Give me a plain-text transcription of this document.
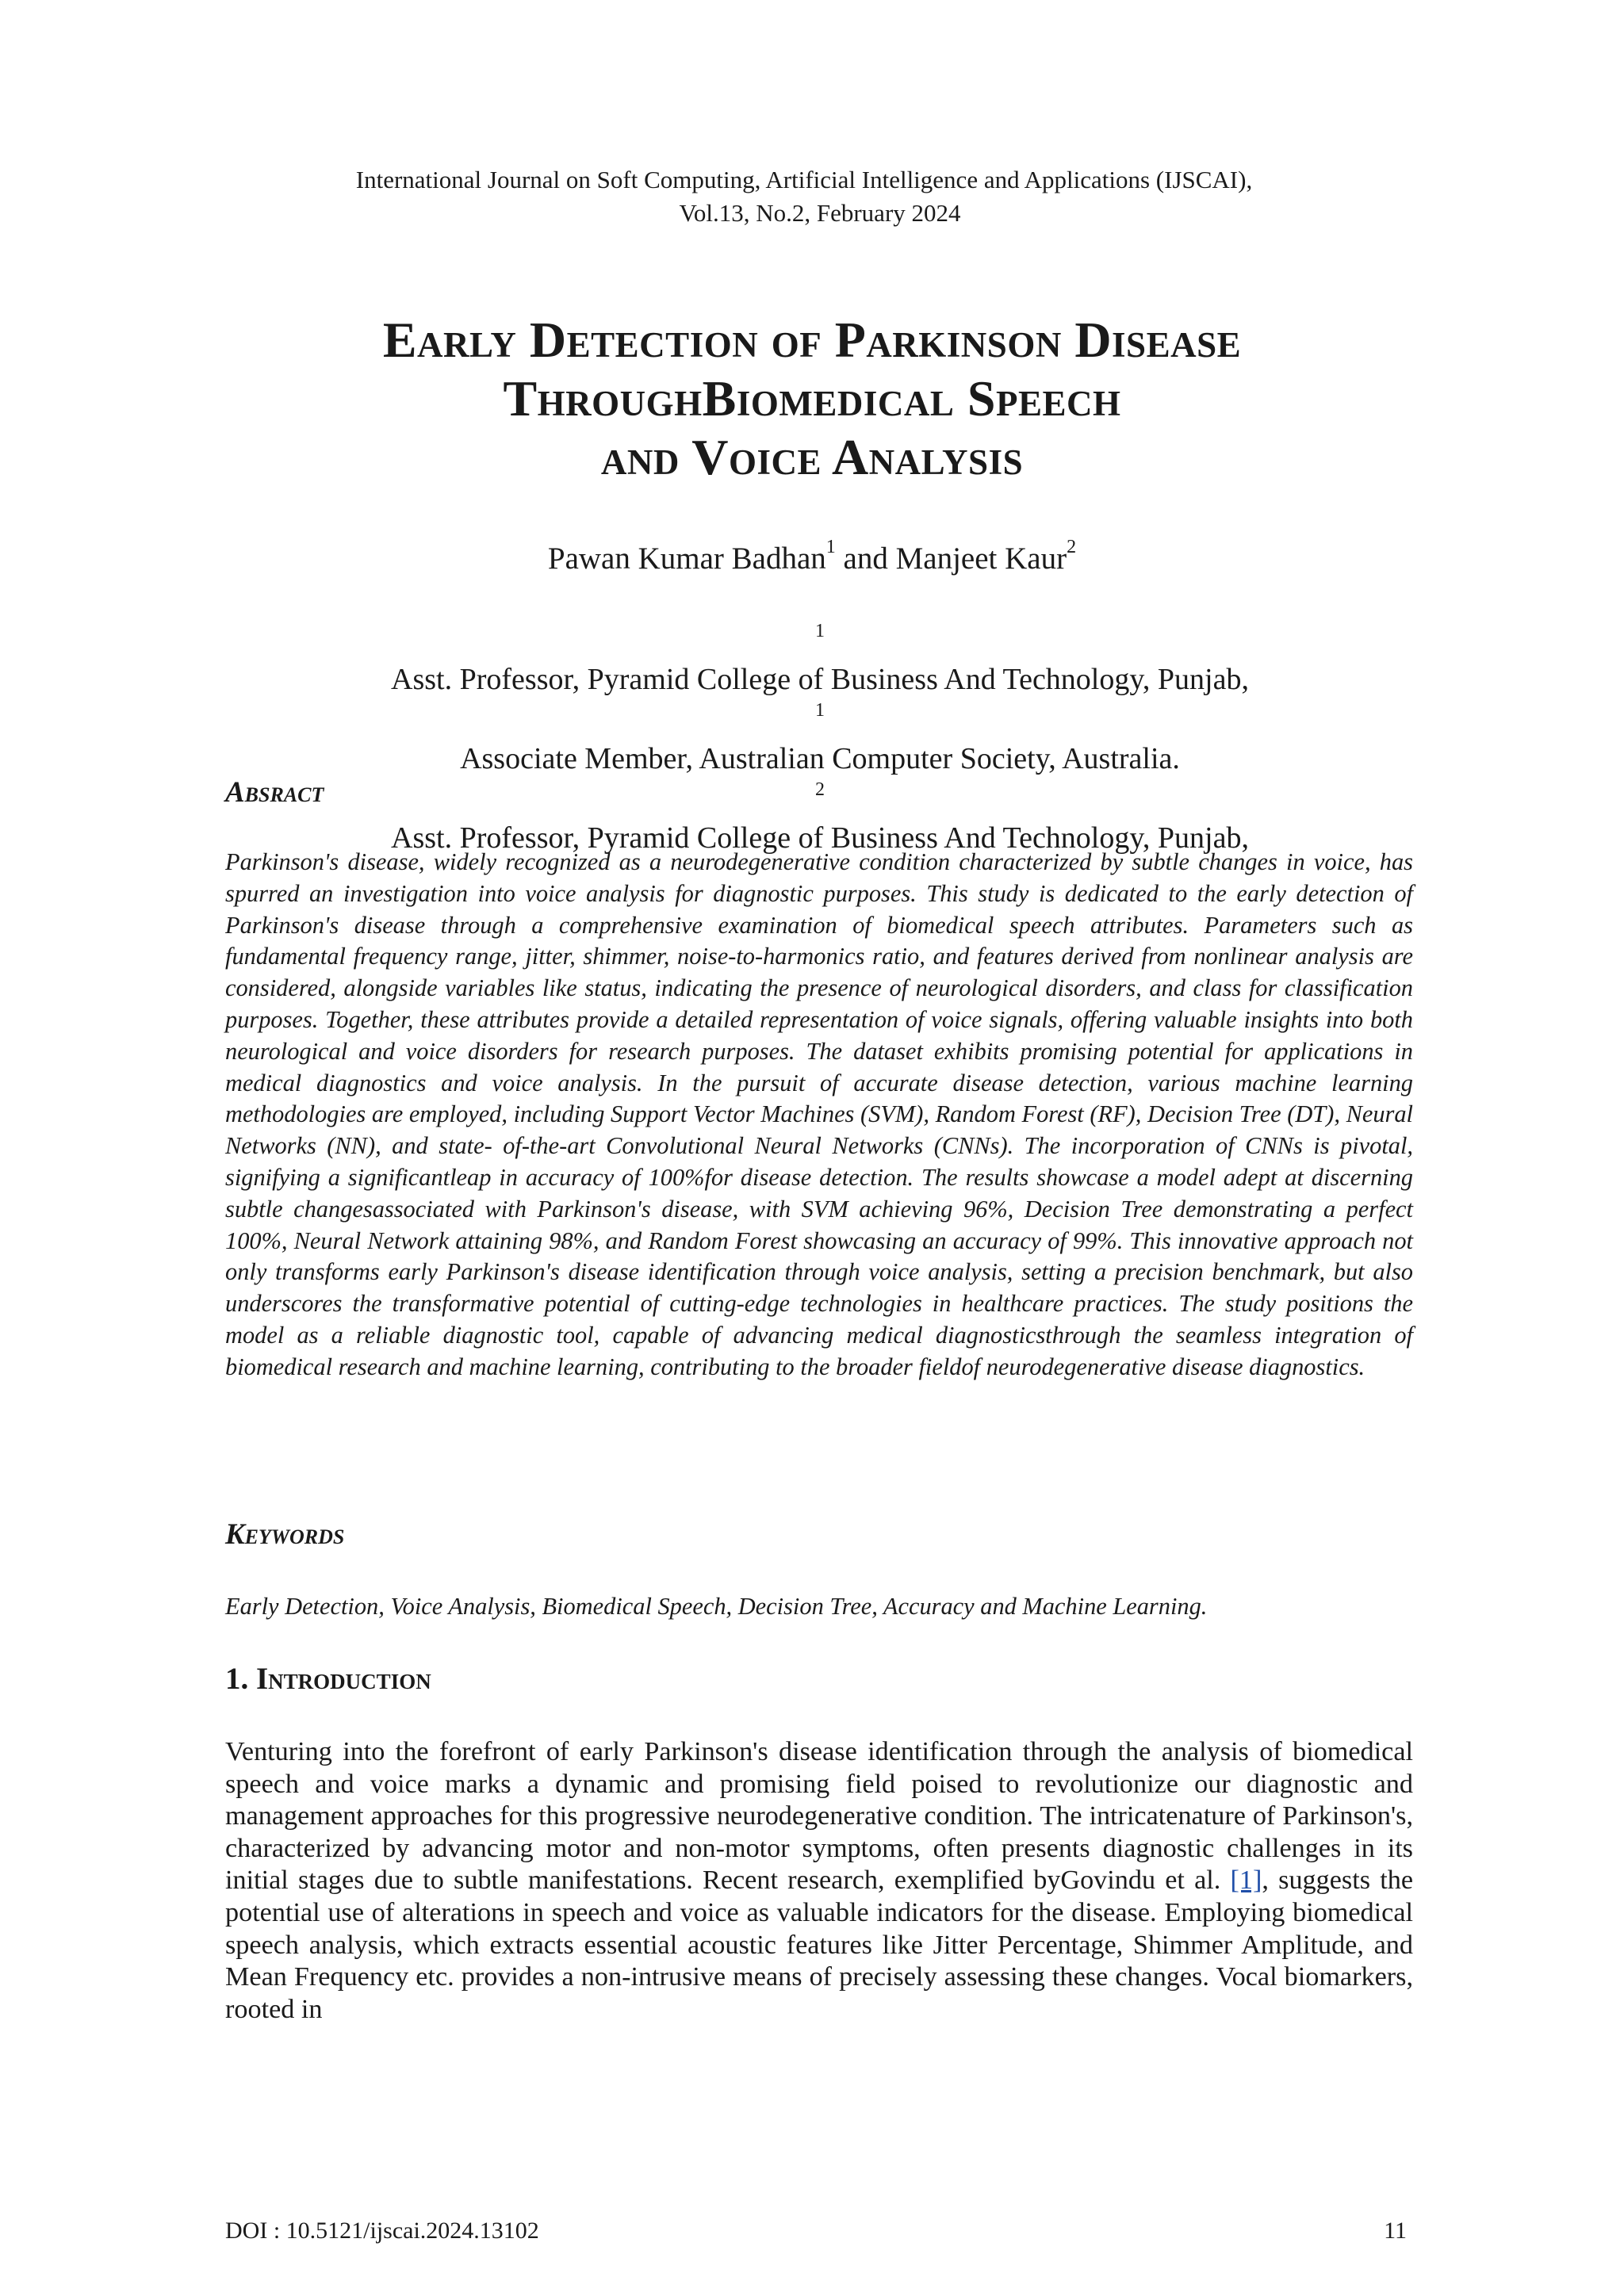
International Journal on Soft Computing, Artificial Intelligence and Applications (IJSCAI),
Vol.13, No.2, February 2024
Early Detection of Parkinson Disease
ThroughBiomedical Speech
and Voice Analysis
Pawan Kumar Badhan$^1$ and Manjeet Kaur$^2$
$^1$
Asst. Professor, Pyramid College of Business And Technology, Punjab,
$^1$
Associate Member, Australian Computer Society, Australia.
$^2$
Asst. Professor, Pyramid College of Business And Technology, Punjab,
Absract
Parkinson's disease, widely recognized as a neurodegenerative condition characterized by subtle changes in voice, has spurred an investigation into voice analysis for diagnostic purposes. This study is dedicated to the early detection of Parkinson's disease through a comprehensive examination of biomedical speech attributes. Parameters such as fundamental frequency range, jitter, shimmer, noise-to-harmonics ratio, and features derived from nonlinear analysis are considered, alongside variables like status, indicating the presence of neurological disorders, and class for classification purposes. Together, these attributes provide a detailed representation of voice signals, offering valuable insights into both neurological and voice disorders for research purposes. The dataset exhibits promising potential for applications in medical diagnostics and voice analysis. In the pursuit of accurate disease detection, various machine learning methodologies are employed, including Support Vector Machines (SVM), Random Forest (RF), Decision Tree (DT), Neural Networks (NN), and state- of-the-art Convolutional Neural Networks (CNNs). The incorporation of CNNs is pivotal, signifying a significantleap in accuracy of 100%for disease detection. The results showcase a model adept at discerning subtle changesassociated with Parkinson's disease, with SVM achieving 96%, Decision Tree demonstrating a perfect 100%, Neural Network attaining 98%, and Random Forest showcasing an accuracy of 99%. This innovative approach not only transforms early Parkinson's disease identification through voice analysis, setting a precision benchmark, but also underscores the transformative potential of cutting-edge technologies in healthcare practices. The study positions the model as a reliable diagnostic tool, capable of advancing medical diagnosticsthrough the seamless integration of biomedical research and machine learning, contributing to the broader fieldof neurodegenerative disease diagnostics.
Keywords
Early Detection, Voice Analysis, Biomedical Speech, Decision Tree, Accuracy and Machine Learning.
1. Introduction
Venturing into the forefront of early Parkinson's disease identification through the analysis of biomedical speech and voice marks a dynamic and promising field poised to revolutionize our diagnostic and management approaches for this progressive neurodegenerative condition. The intricatenature of Parkinson's, characterized by advancing motor and non-motor symptoms, often presents diagnostic challenges in its initial stages due to subtle manifestations. Recent research, exemplified byGovindu et al. [1], suggests the potential use of alterations in speech and voice as valuable indicators for the disease. Employing biomedical speech analysis, which extracts essential acoustic features like Jitter Percentage, Shimmer Amplitude, and Mean Frequency etc. provides a non-intrusive means of precisely assessing these changes. Vocal biomarkers, rooted in
DOI : 10.5121/ijscai.2024.13102	11
